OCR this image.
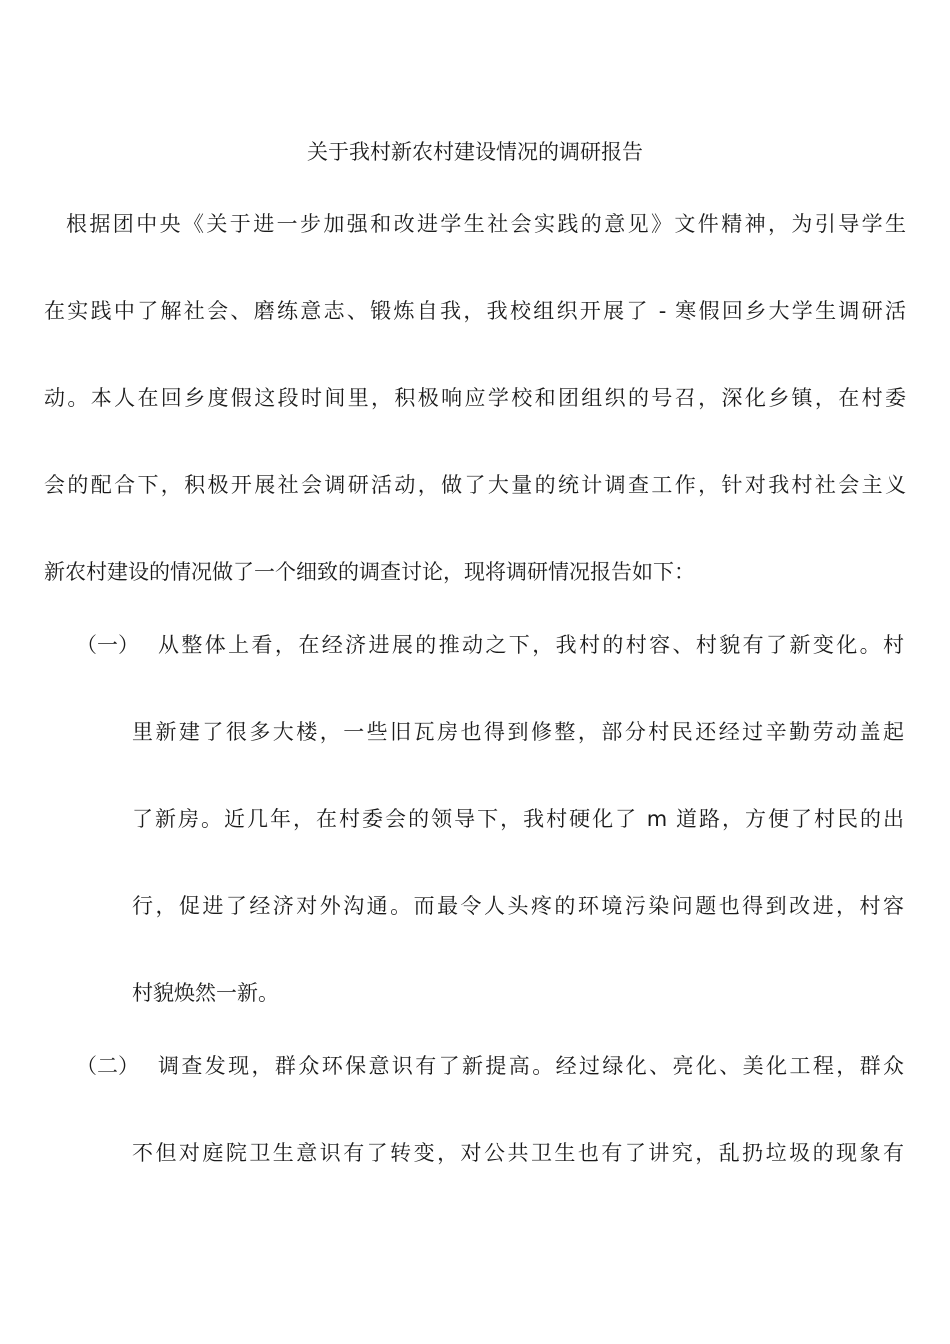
关于我村新农村建设情况的调研报告
根据团中央《关于进一步加强和改进学生社会实践的意见》文件精神，为引导学生
在实践中了解社会、磨练意志、锻炼自我，我校组织开展了 - 寒假回乡大学生调研活
动。本人在回乡度假这段时间里，积极响应学校和团组织的号召，深化乡镇，在村委
会的配合下，积极开展社会调研活动，做了大量的统计调查工作，针对我村社会主义
新农村建设的情况做了一个细致的调查讨论，现将调研情况报告如下：
（一） 从整体上看，在经济进展的推动之下，我村的村容、村貌有了新变化。村
里新建了很多大楼，一些旧瓦房也得到修整，部分村民还经过辛勤劳动盖起
了新房。近几年，在村委会的领导下，我村硬化了 m 道路，方便了村民的出
行，促进了经济对外沟通。而最令人头疼的环境污染问题也得到改进，村容
村貌焕然一新。
（二） 调查发现，群众环保意识有了新提高。经过绿化、亮化、美化工程，群众
不但对庭院卫生意识有了转变，对公共卫生也有了讲究，乱扔垃圾的现象有
